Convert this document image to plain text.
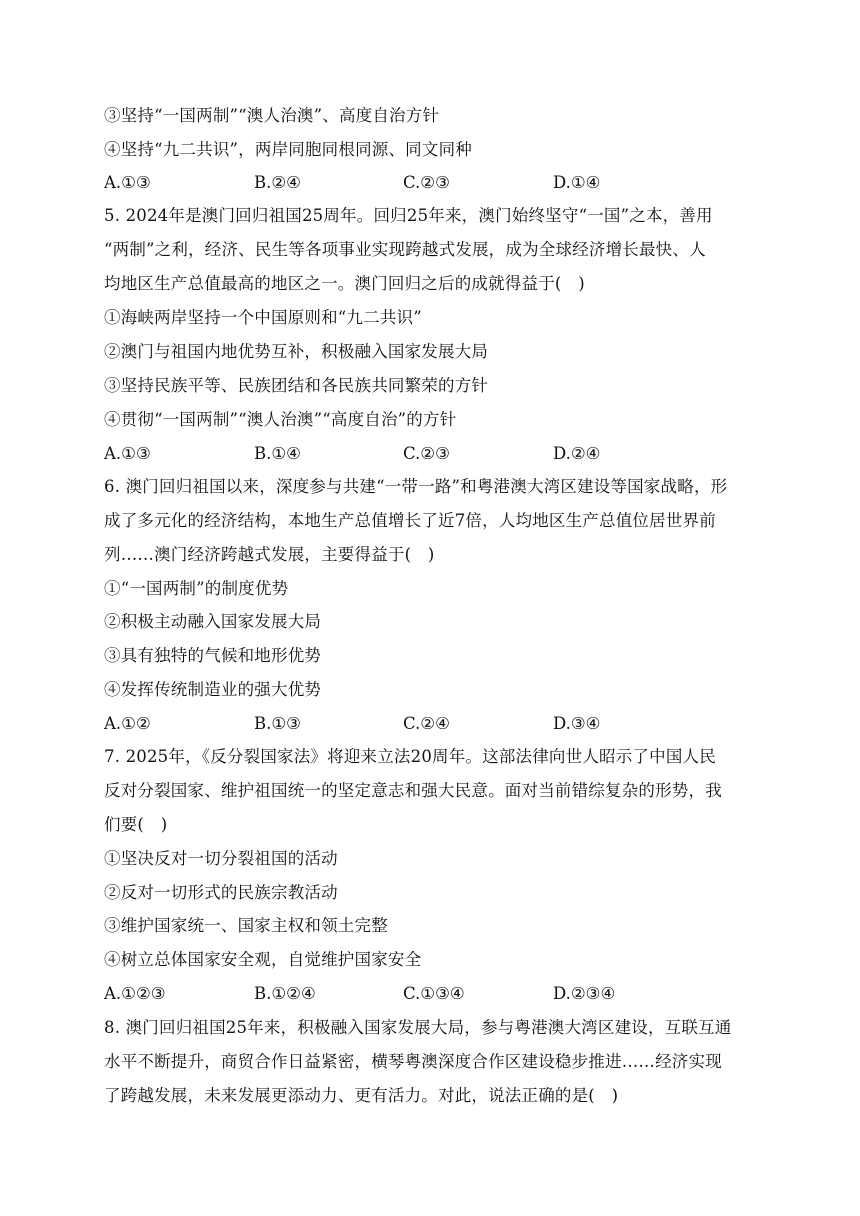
③坚持“一国两制”“澳人治澳”、高度自治方针
④坚持“九二共识”，两岸同胞同根同源、同文同种
A.①③	B.②④	C.②③	D.①④
5. 2024年是澳门回归祖国25周年。回归25年来，澳门始终坚守“一国”之本，善用
“两制”之利，经济、民生等各项事业实现跨越式发展，成为全球经济增长最快、人
均地区生产总值最高的地区之一。澳门回归之后的成就得益于(　)
①海峡两岸坚持一个中国原则和“九二共识”
②澳门与祖国内地优势互补，积极融入国家发展大局
③坚持民族平等、民族团结和各民族共同繁荣的方针
④贯彻“一国两制”“澳人治澳”“高度自治”的方针
A.①③	B.①④	C.②③	D.②④
6. 澳门回归祖国以来，深度参与共建“一带一路”和粤港澳大湾区建设等国家战略，形
成了多元化的经济结构，本地生产总值增长了近7倍，人均地区生产总值位居世界前
列……澳门经济跨越式发展，主要得益于(　)
①“一国两制”的制度优势
②积极主动融入国家发展大局
③具有独特的气候和地形优势
④发挥传统制造业的强大优势
A.①②	B.①③	C.②④	D.③④
7. 2025年，《反分裂国家法》将迎来立法20周年。这部法律向世人昭示了中国人民
反对分裂国家、维护祖国统一的坚定意志和强大民意。面对当前错综复杂的形势，我
们要(　)
①坚决反对一切分裂祖国的活动
②反对一切形式的民族宗教活动
③维护国家统一、国家主权和领土完整
④树立总体国家安全观，自觉维护国家安全
A.①②③	B.①②④	C.①③④	D.②③④
8. 澳门回归祖国25年来，积极融入国家发展大局，参与粤港澳大湾区建设，互联互通
水平不断提升，商贸合作日益紧密，横琴粤澳深度合作区建设稳步推进……经济实现
了跨越发展，未来发展更添动力、更有活力。对此，说法正确的是(　)
